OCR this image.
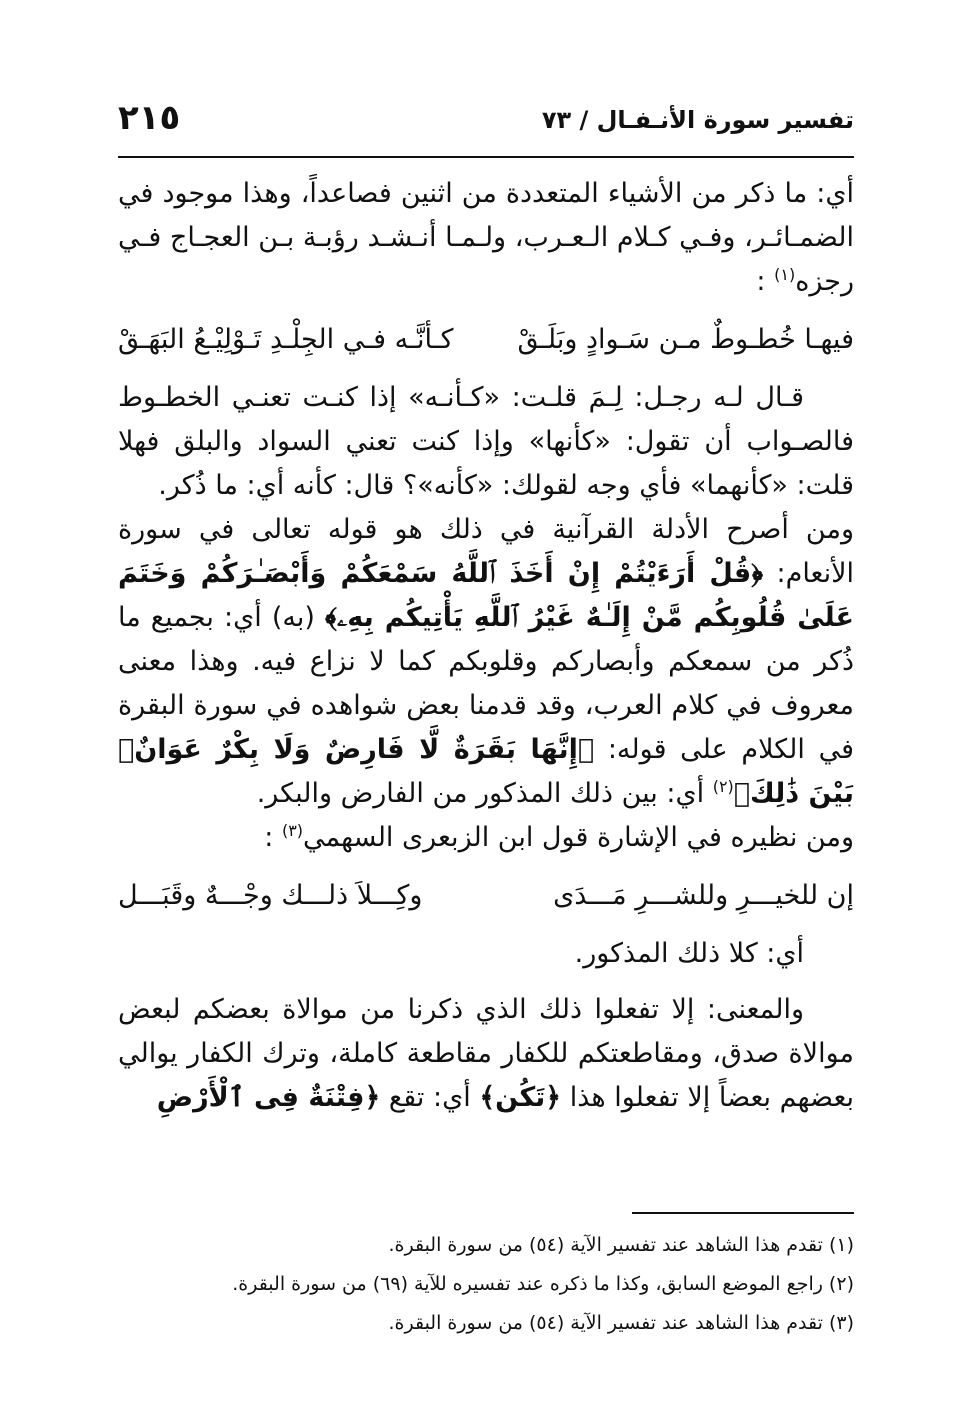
تفسير سورة الأنـفـال / ٧٣
٢١٥

أي: ما ذكر من الأشياء المتعددة من اثنين فصاعداً، وهذا موجود في الضمـائـر، وفـي كـلام الـعـرب، ولـمـا أنـشـد رؤبـة بـن العجـاج فـي رجزه$^{(١)}$ :

فيهـا خُطـوطٌ مـن سَـوادٍ وبَلَـقْ
كـأنَّـه فـي الجِلْـدِ تَـوْلِيْـعُ البَهَـقْ

قـال لـه رجـل: لِـمَ قلـت: «كـأنـه» إذا كنـت تعنـي الخطـوط فالصـواب أن تقول: «كأنها» وإذا كنت تعني السواد والبلق فهلا قلت: «كأنهما» فأي وجه لقولك: «كأنه»؟ قال: كأنه أي: ما ذُكر.

ومن أصرح الأدلة القرآنية في ذلك هو قوله تعالى في سورة الأنعام: ﴿قُلْ أَرَءَيْتُمْ إِنْ أَخَذَ ٱللَّهُ سَمْعَكُمْ وَأَبْصَـٰرَكُمْ وَخَتَمَ عَلَىٰ قُلُوبِكُم مَّنْ إِلَـٰهٌ غَيْرُ ٱللَّهِ يَأْتِيكُم بِهِۦ﴾ (به) أي: بجميع ما ذُكر من سمعكم وأبصاركم وقلوبكم كما لا نزاع فيه. وهذا معنى معروف في كلام العرب، وقد قدمنا بعض شواهده في سورة البقرة في الكلام على قوله: ﴿إِنَّهَا بَقَرَةٌ لَّا فَارِضٌ وَلَا بِكْرٌ عَوَانٌۢ بَيْنَ ذَٰلِكَ﴾$^{(٢)}$ أي: بين ذلك المذكور من الفارض والبكر.

ومن نظيره في الإشارة قول ابن الزبعرى السهمي$^{(٣)}$ :

إن للخيـــرِ وللشـــرِ مَـــدَى
وكِـــلاَ ذلـــك وجْـــهٌ وقَبَـــل

أي: كلا ذلك المذكور.

والمعنى: إلا تفعلوا ذلك الذي ذكرنا من موالاة بعضكم لبعض موالاة صدق، ومقاطعتكم للكفار مقاطعة كاملة، وترك الكفار يوالي بعضهم بعضاً إلا تفعلوا هذا ﴿تَكُن﴾ أي: تقع ﴿فِتْنَةٌ فِى ٱلْأَرْضِ

(١) تقدم هذا الشاهد عند تفسير الآية (٥٤) من سورة البقرة.

(٢) راجع الموضع السابق، وكذا ما ذكره عند تفسيره للآية (٦٩) من سورة البقرة.

(٣) تقدم هذا الشاهد عند تفسير الآية (٥٤) من سورة البقرة.
